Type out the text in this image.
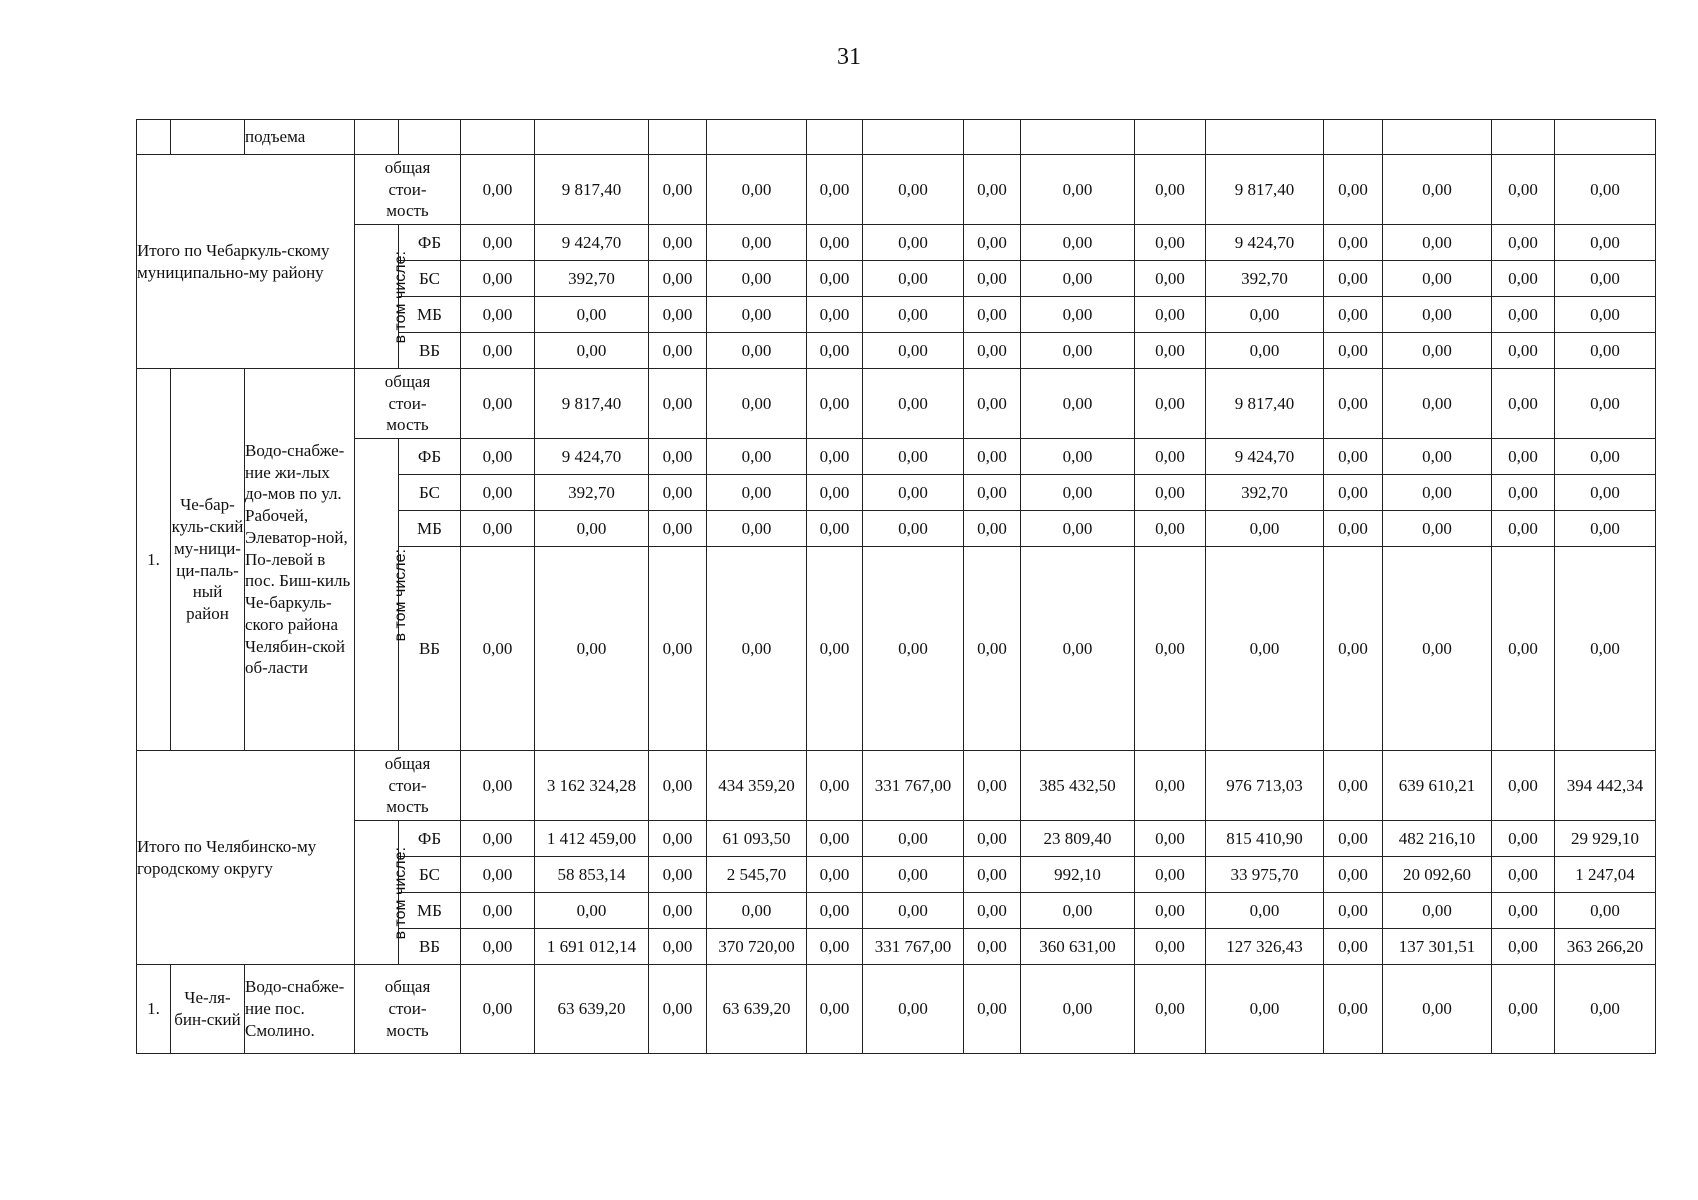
31
		подъема																
Итого по Чебаркуль-скому муниципально-му району			общая
стои-
мость		0,00	9 817,40	0,00	0,00	0,00	0,00	0,00	0,00	0,00	9 817,40	0,00	0,00	0,00	0,00
			в том числе:	ФБ	0,00	9 424,70	0,00	0,00	0,00	0,00	0,00	0,00	0,00	9 424,70	0,00	0,00	0,00	0,00
				БС	0,00	392,70	0,00	0,00	0,00	0,00	0,00	0,00	0,00	392,70	0,00	0,00	0,00	0,00
				МБ	0,00	0,00	0,00	0,00	0,00	0,00	0,00	0,00	0,00	0,00	0,00	0,00	0,00	0,00
				ВБ	0,00	0,00	0,00	0,00	0,00	0,00	0,00	0,00	0,00	0,00	0,00	0,00	0,00	0,00
1.	Че-бар-куль-ский му-ници-ци-паль-ный район	Водо-снабже-ние жи-лых до-мов по ул. Рабочей, Элеватор-ной, По-левой в пос. Биш-киль Че-баркуль-ского района Челябин-ской об-ласти	общая
стои-
мость		0,00	9 817,40	0,00	0,00	0,00	0,00	0,00	0,00	0,00	9 817,40	0,00	0,00	0,00	0,00
			в том числе:	ФБ	0,00	9 424,70	0,00	0,00	0,00	0,00	0,00	0,00	0,00	9 424,70	0,00	0,00	0,00	0,00
				БС	0,00	392,70	0,00	0,00	0,00	0,00	0,00	0,00	0,00	392,70	0,00	0,00	0,00	0,00
				МБ	0,00	0,00	0,00	0,00	0,00	0,00	0,00	0,00	0,00	0,00	0,00	0,00	0,00	0,00
				ВБ	0,00	0,00	0,00	0,00	0,00	0,00	0,00	0,00	0,00	0,00	0,00	0,00	0,00	0,00
Итого по Челябинско-му городскому округу			общая
стои-
мость		0,00	3 162 324,28	0,00	434 359,20	0,00	331 767,00	0,00	385 432,50	0,00	976 713,03	0,00	639 610,21	0,00	394 442,34
			в том числе:	ФБ	0,00	1 412 459,00	0,00	61 093,50	0,00	0,00	0,00	23 809,40	0,00	815 410,90	0,00	482 216,10	0,00	29 929,10
				БС	0,00	58 853,14	0,00	2 545,70	0,00	0,00	0,00	992,10	0,00	33 975,70	0,00	20 092,60	0,00	1 247,04
				МБ	0,00	0,00	0,00	0,00	0,00	0,00	0,00	0,00	0,00	0,00	0,00	0,00	0,00	0,00
				ВБ	0,00	1 691 012,14	0,00	370 720,00	0,00	331 767,00	0,00	360 631,00	0,00	127 326,43	0,00	137 301,51	0,00	363 266,20
1.	Че-ля-бин-ский	Водо-снабже-ние пос. Смолино.	общая
стои-
мость		0,00	63 639,20	0,00	63 639,20	0,00	0,00	0,00	0,00	0,00	0,00	0,00	0,00	0,00	0,00
